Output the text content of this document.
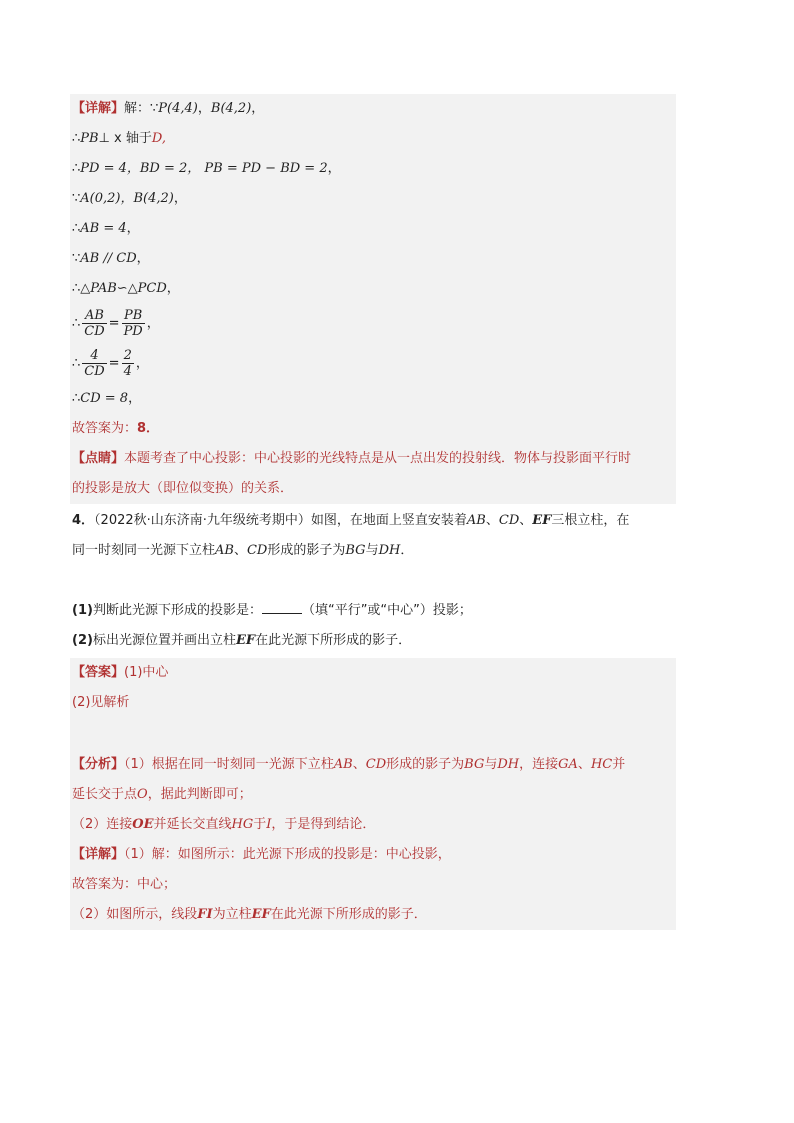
【详解】解：∵P(4,4)，B(4,2)，
∴PB⊥ x 轴于D,
∴PD = 4，BD = 2， PB = PD − BD = 2，
∵A(0,2)，B(4,2)，
∴AB = 4，
∵AB // CD，
∴△PAB∽△PCD，
∴ $\frac{AB}{CD} = \frac{PB}{PD}$ ，
∴ $\frac{4}{CD} = \frac{2}{4}$ ，
∴CD = 8，
故答案为：8．
【点睛】本题考查了中心投影：中心投影的光线特点是从一点出发的投射线．物体与投影面平行时
的投影是放大（即位似变换）的关系．
4．（2022秋·山东济南·九年级统考期中）如图，在地面上竖直安装着AB、CD、EF三根立柱，在
同一时刻同一光源下立柱AB、CD形成的影子为BG与DH．
(1)判断此光源下形成的投影是：	（填“平行”或“中心”）投影；
(2)标出光源位置并画出立柱EF在此光源下所形成的影子．
【答案】(1)中心
(2)见解析
【分析】（1）根据在同一时刻同一光源下立柱AB、CD形成的影子为BG与DH，连接GA、HC并
延长交于点O，据此判断即可；
（2）连接OE并延长交直线HG于I，于是得到结论．
【详解】（1）解：如图所示：此光源下形成的投影是：中心投影，
故答案为：中心；
（2）如图所示，线段FI为立柱EF在此光源下所形成的影子．
